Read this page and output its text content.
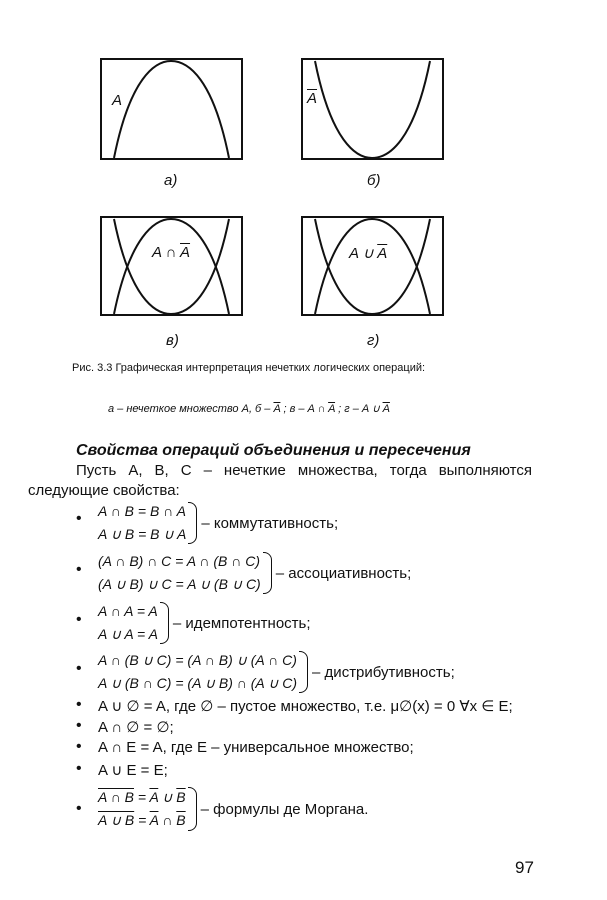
A
а)
$\overline{A}$
б)
A ∩ $\overline{A}$
в)
A ∪ $\overline{A}$
г)
Рис. 3.3 Графическая интерпретация нечетких логических операций:
а – нечеткое множество A, б – $\overline{A}$ ; в – A ∩ $\overline{A}$ ; г – A ∪ $\overline{A}$
Свойства операций объединения и пересечения
Пусть A, B, C – нечеткие множества, тогда выполняются
следующие свойства:
• A ∩ B = B ∩ A
A ∪ B = B ∪ A– коммутативность;
• (A ∩ B) ∩ C = A ∩ (B ∩ C)
(A ∪ B) ∪ C = A ∪ (B ∪ C)– ассоциативность;
• A ∩ A = A
A ∪ A = A– идемпотентность;
• A ∩ (B ∪ C) = (A ∩ B) ∪ (A ∩ C)
A ∪ (B ∩ C) = (A ∪ B) ∩ (A ∪ C)– дистрибутивность;
• A ∪ ∅ = A, где ∅ – пустое множество, т.е. μ∅(x) = 0 ∀x ∈ E;
• A ∩ ∅ = ∅;
• A ∩ E = A, где E – универсальное множество;
• A ∪ E = E;
•
A ∩ $B = \overline{A}$ ∪ $\overline{B}$
A ∪ $B = \overline{A}$ ∩ $\overline{B}-$ формулы де Моргана.
97
